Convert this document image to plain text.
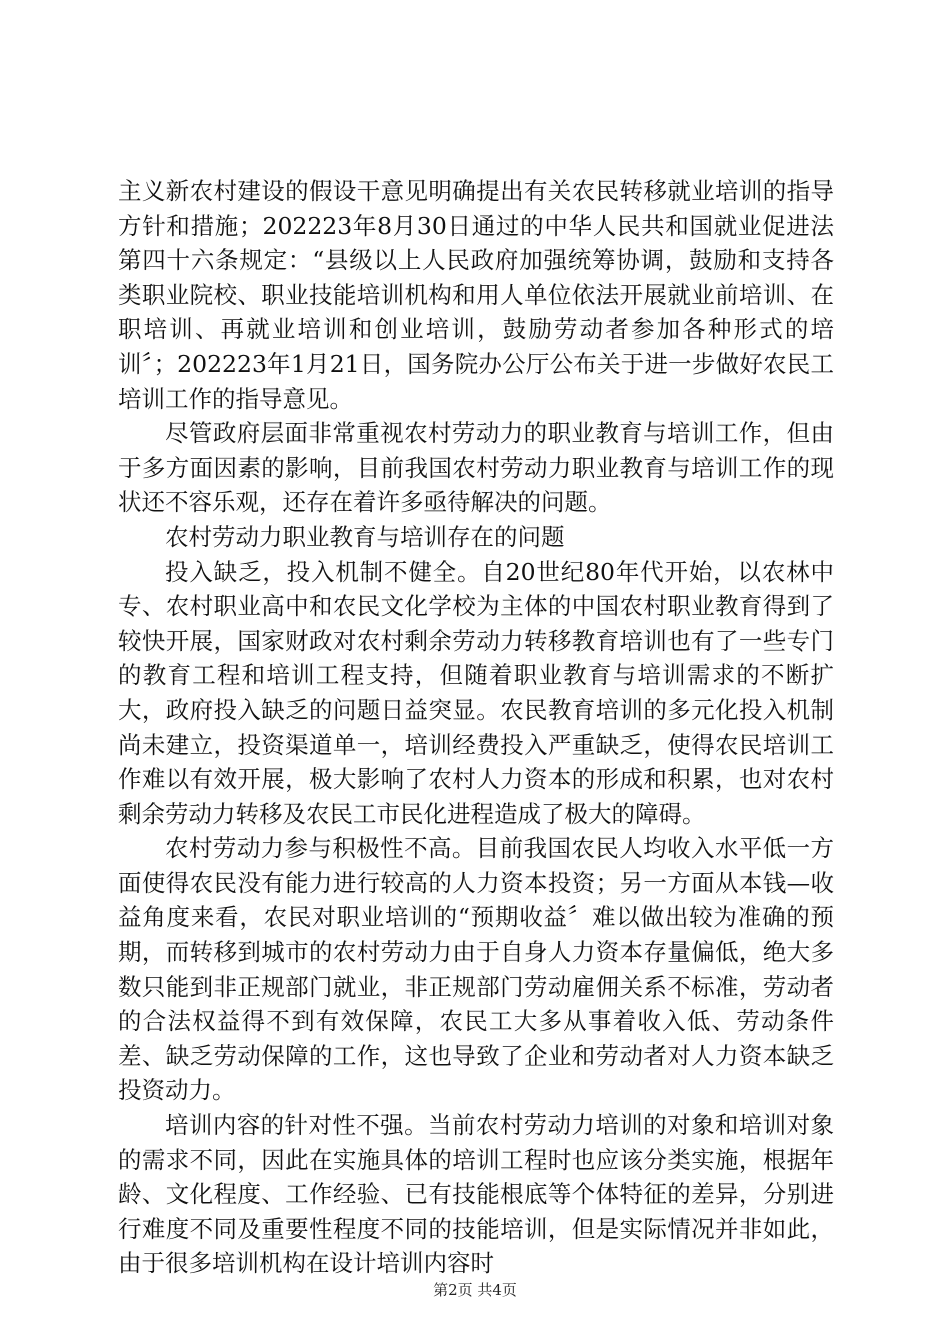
主义新农村建设的假设干意见明确提出有关农民转移就业培训的指导方针和措施；202223年8月30日通过的中华人民共和国就业促进法第四十六条规定：“县级以上人民政府加强统筹协调，鼓励和支持各类职业院校、职业技能培训机构和用人单位依法开展就业前培训、在职培训、再就业培训和创业培训，鼓励劳动者参加各种形式的培训〞；202223年1月21日，国务院办公厅公布关于进一步做好农民工培训工作的指导意见。

尽管政府层面非常重视农村劳动力的职业教育与培训工作，但由于多方面因素的影响，目前我国农村劳动力职业教育与培训工作的现状还不容乐观，还存在着许多亟待解决的问题。

农村劳动力职业教育与培训存在的问题

投入缺乏，投入机制不健全。自20世纪80年代开始，以农林中专、农村职业高中和农民文化学校为主体的中国农村职业教育得到了较快开展，国家财政对农村剩余劳动力转移教育培训也有了一些专门的教育工程和培训工程支持，但随着职业教育与培训需求的不断扩大，政府投入缺乏的问题日益突显。农民教育培训的多元化投入机制尚未建立，投资渠道单一，培训经费投入严重缺乏，使得农民培训工作难以有效开展，极大影响了农村人力资本的形成和积累，也对农村剩余劳动力转移及农民工市民化进程造成了极大的障碍。

农村劳动力参与积极性不高。目前我国农民人均收入水平低一方面使得农民没有能力进行较高的人力资本投资；另一方面从本钱—收益角度来看，农民对职业培训的“预期收益〞难以做出较为准确的预期，而转移到城市的农村劳动力由于自身人力资本存量偏低，绝大多数只能到非正规部门就业，非正规部门劳动雇佣关系不标准，劳动者的合法权益得不到有效保障，农民工大多从事着收入低、劳动条件差、缺乏劳动保障的工作，这也导致了企业和劳动者对人力资本缺乏投资动力。

培训内容的针对性不强。当前农村劳动力培训的对象和培训对象的需求不同，因此在实施具体的培训工程时也应该分类实施，根据年龄、文化程度、工作经验、已有技能根底等个体特征的差异，分别进行难度不同及重要性程度不同的技能培训，但是实际情况并非如此，由于很多培训机构在设计培训内容时

第2页 共4页
